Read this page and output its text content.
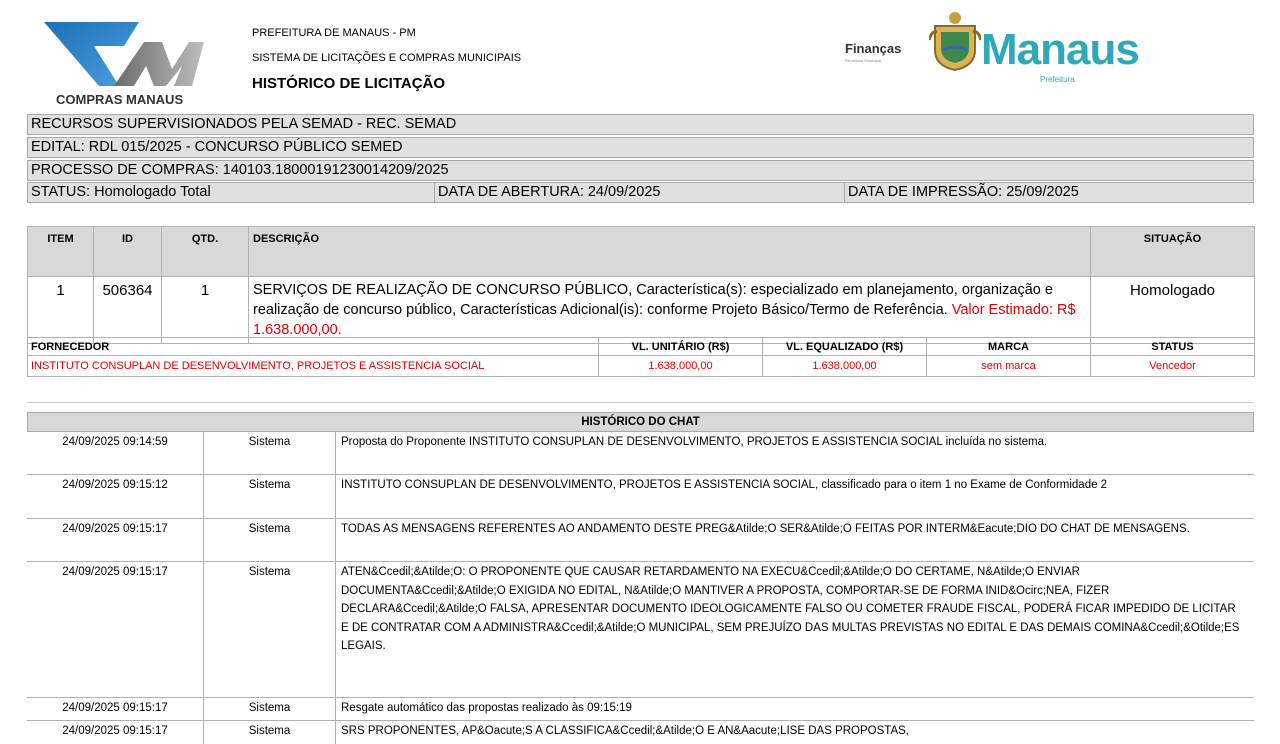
COMPRAS MANAUS
PREFEITURA DE MANAUS - PM
SISTEMA DE LICITAÇÕES E COMPRAS MUNICIPAIS
HISTÓRICO DE LICITAÇÃO
Finanças
Secretaria Municipal Manaus
Prefeitura
RECURSOS SUPERVISIONADOS PELA SEMAD - REC. SEMAD
EDITAL: RDL 015/2025 - CONCURSO PÚBLICO SEMED
PROCESSO DE COMPRAS: 140103.18000191230014209/2025
STATUS: Homologado Total	DATA DE ABERTURA: 24/09/2025	DATA DE IMPRESSÃO: 25/09/2025
ITEM	ID	QTD.	DESCRIÇÃO	SITUAÇÃO
1	506364	1	SERVIÇOS DE REALIZAÇÃO DE CONCURSO PÚBLICO, Característica(s): especializado em planejamento, organização e realização de concurso público, Características Adicional(is): conforme Projeto Básico/Termo de Referência. Valor Estimado: R$ 1.638.000,00.	Homologado
FORNECEDOR	VL. UNITÁRIO (R$)	VL. EQUALIZADO (R$)	MARCA	STATUS
INSTITUTO CONSUPLAN DE DESENVOLVIMENTO, PROJETOS E ASSISTENCIA SOCIAL	1.638.000,00	1.638.000,00	sem marca	Vencedor
HISTÓRICO DO CHAT
24/09/2025 09:14:59	Sistema	Proposta do Proponente INSTITUTO CONSUPLAN DE DESENVOLVIMENTO, PROJETOS E ASSISTENCIA SOCIAL incluída no sistema.
24/09/2025 09:15:12	Sistema	INSTITUTO CONSUPLAN DE DESENVOLVIMENTO, PROJETOS E ASSISTENCIA SOCIAL, classificado para o item 1 no Exame de Conformidade 2
24/09/2025 09:15:17	Sistema	TODAS AS MENSAGENS REFERENTES AO ANDAMENTO DESTE PREG&Atilde;O SER&Atilde;O FEITAS POR INTERM&Eacute;DIO DO CHAT DE MENSAGENS.
24/09/2025 09:15:17	Sistema	ATEN&Ccedil;&Atilde;O: O PROPONENTE QUE CAUSAR RETARDAMENTO NA EXECU&Ccedil;&Atilde;O DO CERTAME, N&Atilde;O ENVIAR DOCUMENTA&Ccedil;&Atilde;O EXIGIDA NO EDITAL, N&Atilde;O MANTIVER A PROPOSTA, COMPORTAR-SE DE FORMA INID&Ocirc;NEA, FIZER DECLARA&Ccedil;&Atilde;O FALSA, APRESENTAR DOCUMENTO IDEOLOGICAMENTE FALSO OU COMETER FRAUDE FISCAL, PODERÁ FICAR IMPEDIDO DE LICITAR E DE CONTRATAR COM A ADMINISTRA&Ccedil;&Atilde;O MUNICIPAL, SEM PREJUÍZO DAS MULTAS PREVISTAS NO EDITAL E DAS DEMAIS COMINA&Ccedil;&Otilde;ES LEGAIS.
24/09/2025 09:15:17	Sistema	Resgate automático das propostas realizado às 09:15:19
24/09/2025 09:15:17	Sistema	SRS PROPONENTES, AP&Oacute;S A CLASSIFICA&Ccedil;&Atilde;O E AN&Aacute;LISE DAS PROPOSTAS,
